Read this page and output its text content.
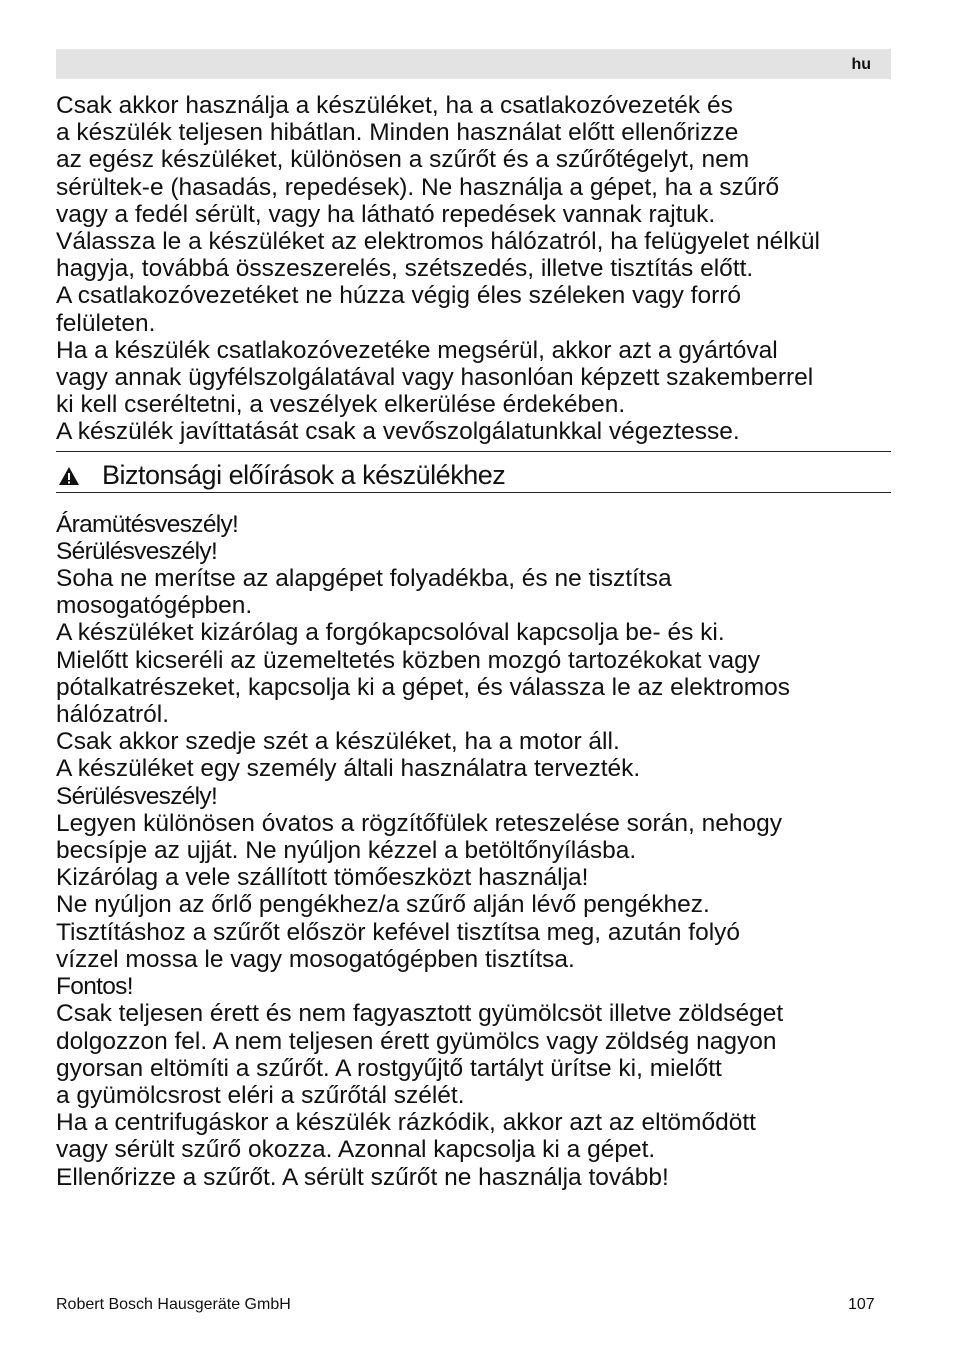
hu

Csak akkor használja a készüléket, ha a csatlakozóvezeték és
a készülék teljesen hibátlan. Minden használat előtt ellenőrizze
az egész készüléket, különösen a szűrőt és a szűrőtégelyt, nem
sérültek-e (hasadás, repedések). Ne használja a gépet, ha a szűrő
vagy a fedél sérült, vagy ha látható repedések vannak rajtuk.

Válassza le a készüléket az elektromos hálózatról, ha felügyelet nélkül
hagyja, továbbá összeszerelés, szétszedés, illetve tisztítás előtt.

A csatlakozóvezetéket ne húzza végig éles széleken vagy forró
felületen.

Ha a készülék csatlakozóvezetéke megsérül, akkor azt a gyártóval
vagy annak ügyfélszolgálatával vagy hasonlóan képzett szakemberrel
ki kell cseréltetni, a veszélyek elkerülése érdekében.

A készülék javíttatását csak a vevőszolgálatunkkal végeztesse.

Biztonsági előírások a készülékhez

Áramütésveszély!

Sérülésveszély!

Soha ne merítse az alapgépet folyadékba, és ne tisztítsa
mosogatógépben.

A készüléket kizárólag a forgókapcsolóval kapcsolja be- és ki.

Mielőtt kicseréli az üzemeltetés közben mozgó tartozékokat vagy
pótalkatrészeket, kapcsolja ki a gépet, és válassza le az elektromos
hálózatról.

Csak akkor szedje szét a készüléket, ha a motor áll.

A készüléket egy személy általi használatra tervezték.

Sérülésveszély!

Legyen különösen óvatos a rögzítőfülek reteszelése során, nehogy
becsípje az ujját. Ne nyúljon kézzel a betöltőnyílásba.

Kizárólag a vele szállított tömőeszközt használja!

Ne nyúljon az őrlő pengékhez/a szűrő alján lévő pengékhez.

Tisztításhoz a szűrőt először kefével tisztítsa meg, azután folyó
vízzel mossa le vagy mosogatógépben tisztítsa.

Fontos!

Csak teljesen érett és nem fagyasztott gyümölcsöt illetve zöldséget
dolgozzon fel. A nem teljesen érett gyümölcs vagy zöldség nagyon
gyorsan eltömíti a szűrőt. A rostgyűjtő tartályt ürítse ki, mielőtt
a gyümölcsrost eléri a szűrőtál szélét.

Ha a centrifugáskor a készülék rázkódik, akkor azt az eltömődött
vagy sérült szűrő okozza. Azonnal kapcsolja ki a gépet.
Ellenőrizze a szűrőt. A sérült szűrőt ne használja tovább!

Robert Bosch Hausgeräte GmbH	107
